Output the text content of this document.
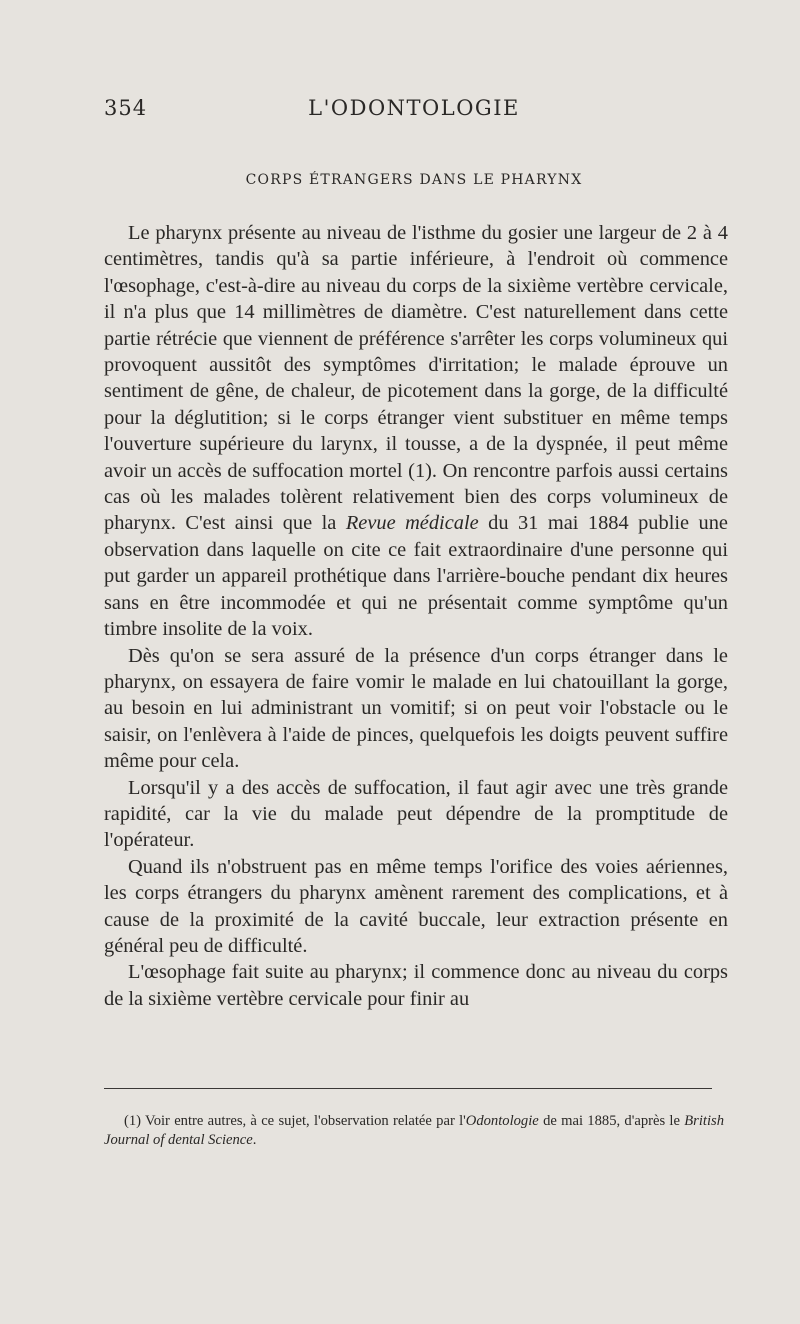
354	L'ODONTOLOGIE
CORPS ÉTRANGERS DANS LE PHARYNX

Le pharynx présente au niveau de l'isthme du gosier une largeur de 2 à 4 centimètres, tandis qu'à sa partie inférieure, à l'endroit où commence l'œsophage, c'est-à-dire au niveau du corps de la sixième vertèbre cervicale, il n'a plus que 14 millimètres de diamètre. C'est naturellement dans cette partie rétrécie que viennent de préférence s'arrêter les corps volumineux qui provoquent aussitôt des symptômes d'irritation; le malade éprouve un sentiment de gêne, de chaleur, de picotement dans la gorge, de la difficulté pour la déglutition; si le corps étranger vient substituer en même temps l'ouverture supérieure du larynx, il tousse, a de la dyspnée, il peut même avoir un accès de suffocation mortel (1). On rencontre parfois aussi certains cas où les malades tolèrent relativement bien des corps volumineux de pharynx. C'est ainsi que la Revue médicale du 31 mai 1884 publie une observation dans laquelle on cite ce fait extraordinaire d'une personne qui put garder un appareil prothétique dans l'arrière-bouche pendant dix heures sans en être incommodée et qui ne présentait comme symptôme qu'un timbre insolite de la voix.

Dès qu'on se sera assuré de la présence d'un corps étranger dans le pharynx, on essayera de faire vomir le malade en lui chatouillant la gorge, au besoin en lui administrant un vomitif; si on peut voir l'obstacle ou le saisir, on l'enlèvera à l'aide de pinces, quelquefois les doigts peuvent suffire même pour cela.

Lorsqu'il y a des accès de suffocation, il faut agir avec une très grande rapidité, car la vie du malade peut dépendre de la promptitude de l'opérateur.

Quand ils n'obstruent pas en même temps l'orifice des voies aériennes, les corps étrangers du pharynx amènent rarement des complications, et à cause de la proximité de la cavité buccale, leur extraction présente en général peu de difficulté.

L'œsophage fait suite au pharynx; il commence donc au niveau du corps de la sixième vertèbre cervicale pour finir au

(1) Voir entre autres, à ce sujet, l'observation relatée par l'Odontologie de mai 1885, d'après le British Journal of dental Science.
